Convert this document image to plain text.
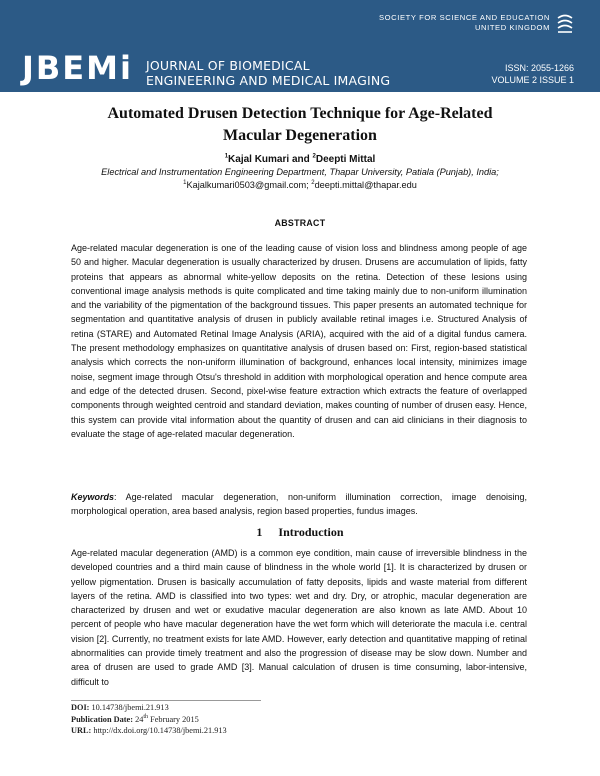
JBEMi JOURNAL OF BIOMEDICAL
ENGINEERING AND MEDICAL IMAGING
SOCIETY FOR SCIENCE AND EDUCATION
UNITED KINGDOM
ISSN: 2055-1266
VOLUME 2 ISSUE 1
Automated Drusen Detection Technique for Age-Related
Macular Degeneration
$^1$Kajal Kumari and $^2$Deepti Mittal
Electrical and Instrumentation Engineering Department, Thapar University, Patiala (Punjab), India;
$^1$Kajalkumari0503@gmail.com; $^2$deepti.mittal@thapar.edu
ABSTRACT
Age-related macular degeneration is one of the leading cause of vision loss and blindness among people of age 50 and higher. Macular degeneration is usually characterized by drusen. Drusens are accumulation of lipids, fatty proteins that appears as abnormal white-yellow deposits on the retina. Detection of these lesions using conventional image analysis methods is quite complicated and time taking mainly due to non-uniform illumination and the variability of the pigmentation of the background tissues. This paper presents an automated technique for segmentation and quantitative analysis of drusen in publicly available retinal images i.e. Structured Analysis of retina (STARE) and Automated Retinal Image Analysis (ARIA), acquired with the aid of a digital fundus camera. The present methodology emphasizes on quantitative analysis of drusen based on: First, region-based statistical analysis which corrects the non-uniform illumination of background, enhances local intensity, minimizes image noise, segment image through Otsu's threshold in addition with morphological operation and hence compute area and edge of the detected drusen. Second, pixel-wise feature extraction which extracts the feature of overlapped components through weighted centroid and standard deviation, makes counting of number of drusen easy. Hence, this system can provide vital information about the quantity of drusen and can aid clinicians in their diagnosis to evaluate the stage of age-related macular degeneration.
Keywords: Age-related macular degeneration, non-uniform illumination correction, image denoising, morphological operation, area based analysis, region based properties, fundus images.
1 Introduction
Age-related macular degeneration (AMD) is a common eye condition, main cause of irreversible blindness in the developed countries and a third main cause of blindness in the whole world [1]. It is characterized by drusen or yellow pigmentation. Drusen is basically accumulation of fatty deposits, lipids and waste material from different layers of the retina. AMD is classified into two types: wet and dry. Dry, or atrophic, macular degeneration are characterized by drusen and wet or exudative macular degeneration are also known as late AMD. About 10 percent of people who have macular degeneration have the wet form which will deteriorate the macula i.e. central vision [2]. Currently, no treatment exists for late AMD. However, early detection and quantitative mapping of retinal abnormalities can provide timely treatment and also the progression of disease may be slow down. Number and area of drusen are used to grade AMD [3]. Manual calculation of drusen is time consuming, labor-intensive, difficult to
DOI: 10.14738/jbemi.21.913
Publication Date: 24th February 2015
URL: http://dx.doi.org/10.14738/jbemi.21.913
